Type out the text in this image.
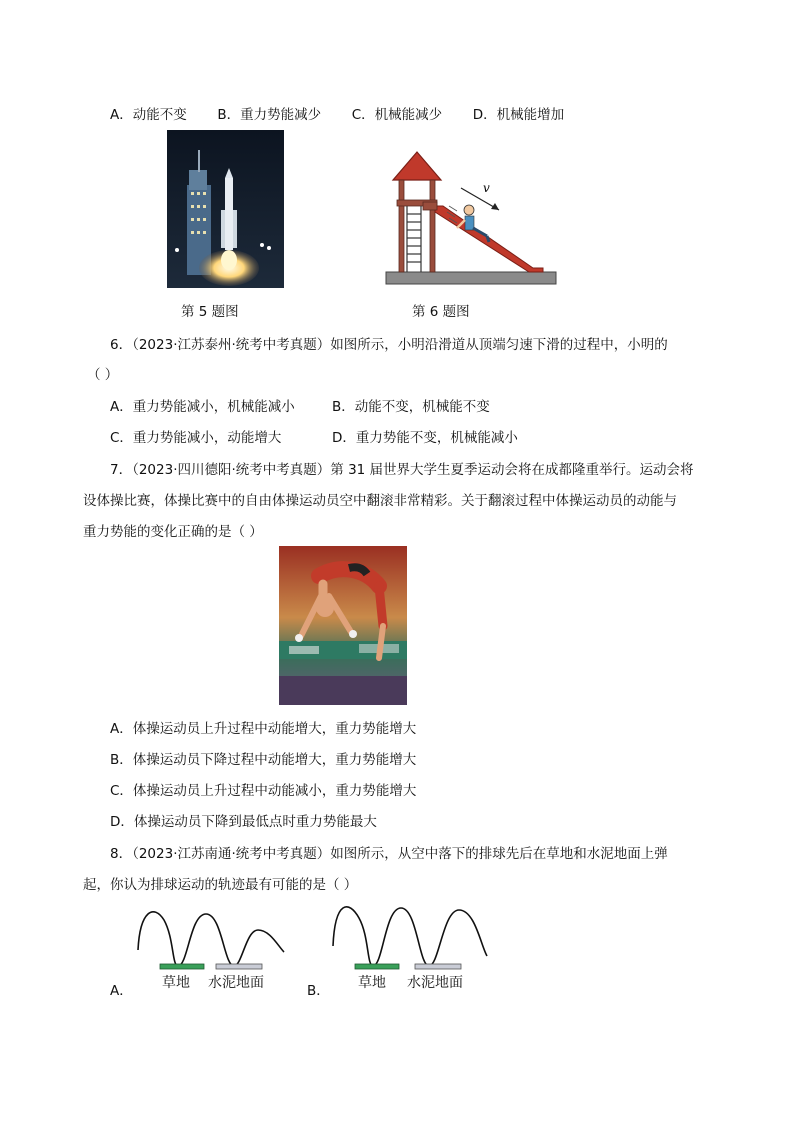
A．动能不变 B．重力势能减少 C．机械能减少 D．机械能增加
第 5 题图
v
第 6 题图
6．（2023·江苏泰州·统考中考真题）如图所示，小明沿滑道从顶端匀速下滑的过程中，小明的
（ ）
A．重力势能减小，机械能减小	B．动能不变，机械能不变
C．重力势能减小，动能增大	D．重力势能不变，机械能减小
7．（2023·四川德阳·统考中考真题）第 31 届世界大学生夏季运动会将在成都隆重举行。运动会将
设体操比赛，体操比赛中的自由体操运动员空中翻滚非常精彩。关于翻滚过程中体操运动员的动能与
重力势能的变化正确的是（ ）
A．体操运动员上升过程中动能增大，重力势能增大
B．体操运动员下降过程中动能增大，重力势能增大
C．体操运动员上升过程中动能减小，重力势能增大
D．体操运动员下降到最低点时重力势能最大
8．（2023·江苏南通·统考中考真题）如图所示，从空中落下的排球先后在草地和水泥地面上弹
起，你认为排球运动的轨迹最有可能的是（ ）
A． 草地 水泥地面	B． 草地 水泥地面
